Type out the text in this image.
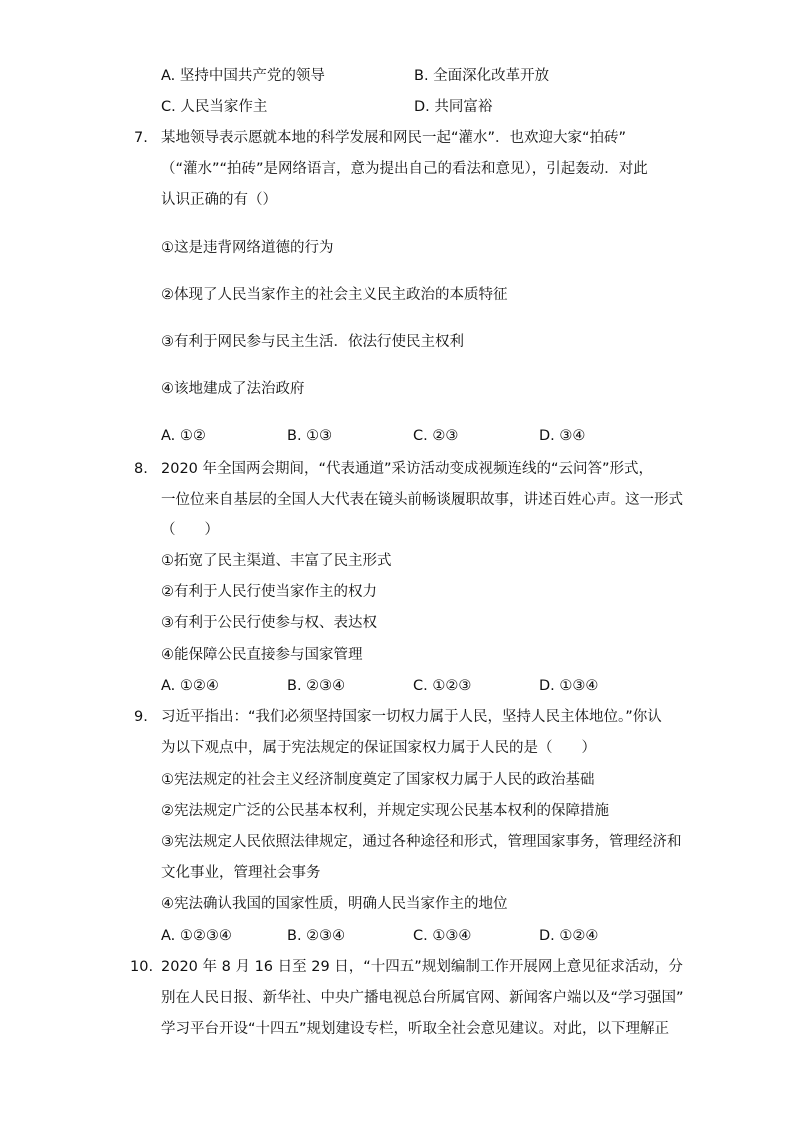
A. 坚持中国共产党的领导	B. 全面深化改革开放
C. 人民当家作主	D. 共同富裕
7. 某地领导表示愿就本地的科学发展和网民一起“灌水”．也欢迎大家“拍砖”
（“灌水”“拍砖”是网络语言，意为提出自己的看法和意见），引起轰动．对此
认识正确的有（）
①这是违背网络道德的行为
②体现了人民当家作主的社会主义民主政治的本质特征
③有利于网民参与民主生活．依法行使民主权利
④该地建成了法治政府
A. ①②	B. ①③	C. ②③	D. ③④
8. 2020 年全国两会期间，“代表通道”采访活动变成视频连线的“云问答”形式，
一位位来自基层的全国人大代表在镜头前畅谈履职故事，讲述百姓心声。这一形式
（　　）
①拓宽了民主渠道、丰富了民主形式
②有利于人民行使当家作主的权力
③有利于公民行使参与权、表达权
④能保障公民直接参与国家管理
A. ①②④	B. ②③④	C. ①②③	D. ①③④
9. 习近平指出：“我们必须坚持国家一切权力属于人民，坚持人民主体地位。”你认
为以下观点中，属于宪法规定的保证国家权力属于人民的是（　　）
①宪法规定的社会主义经济制度奠定了国家权力属于人民的政治基础
②宪法规定广泛的公民基本权利，并规定实现公民基本权利的保障措施
③宪法规定人民依照法律规定，通过各种途径和形式，管理国家事务，管理经济和
文化事业，管理社会事务
④宪法确认我国的国家性质，明确人民当家作主的地位
A. ①②③④	B. ②③④	C. ①③④	D. ①②④
10. 2020 年 8 月 16 日至 29 日，“十四五”规划编制工作开展网上意见征求活动，分
别在人民日报、新华社、中央广播电视总台所属官网、新闻客户端以及“学习强国”
学习平台开设“十四五”规划建设专栏，听取全社会意见建议。对此，以下理解正
